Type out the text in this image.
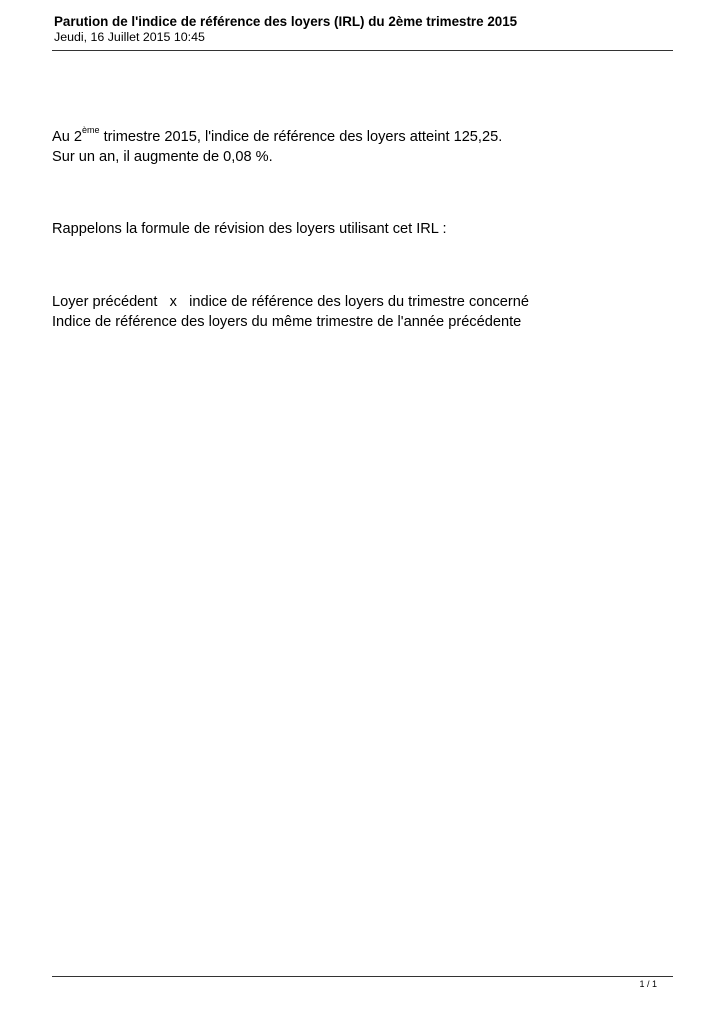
Parution de l'indice de référence des loyers (IRL) du 2ème trimestre 2015
Jeudi, 16 Juillet 2015 10:45
Au 2ème trimestre 2015, l'indice de référence des loyers atteint 125,25.
Sur un an, il augmente de 0,08 %.
Rappelons la formule de révision des loyers utilisant cet IRL :
Loyer précédent   x   indice de référence des loyers du trimestre concerné
Indice de référence des loyers du même trimestre de l'année précédente
1 / 1
